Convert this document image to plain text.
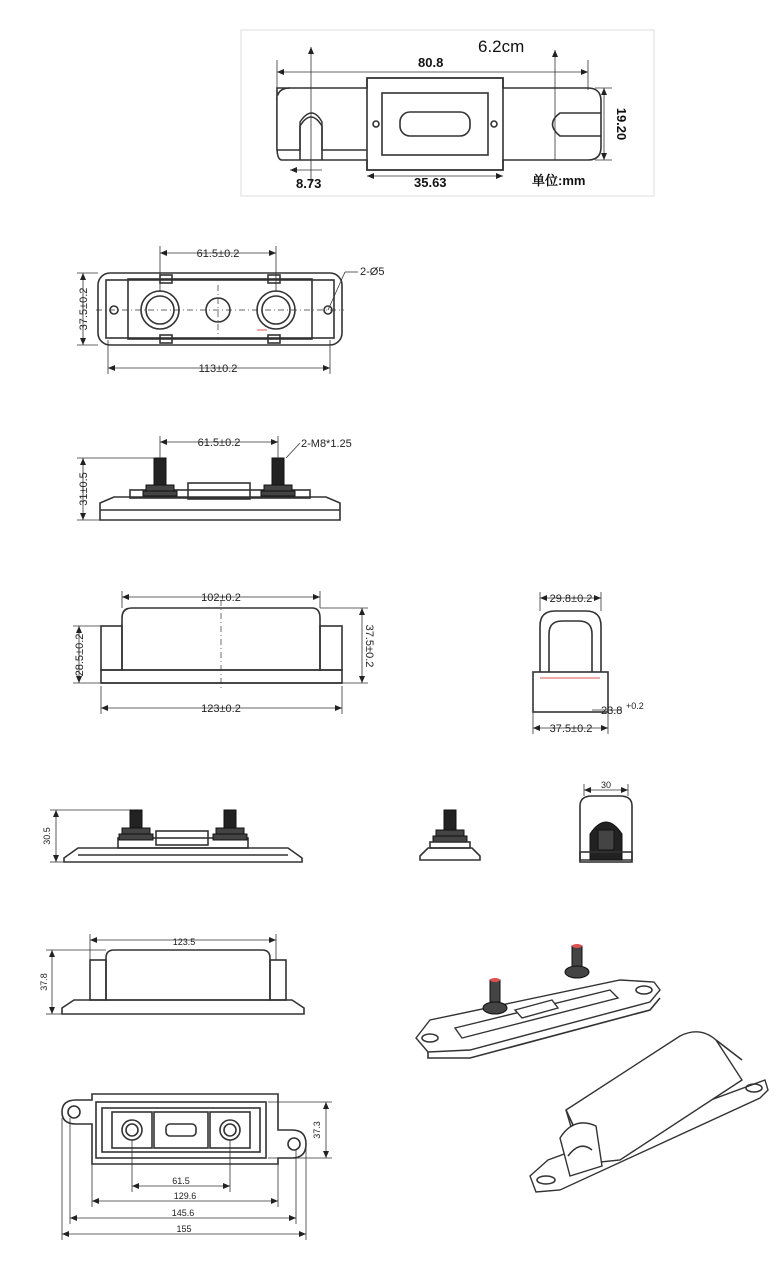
6.2cm
80.8
19.20
8.73	35.63	单位:mm
61.5±0.2
2-Ø5
37.5±0.2
113±0.2
61.5±0.2	2-M8*1.25
31±0.5
102±0.2
123±0.2
28.5±0.2	37.5±0.2
29.8±0.2
23.8 +0.2
37.5±0.2
30.5
30
123.5
37.8
37.3
61.5
129.6
145.6
155
